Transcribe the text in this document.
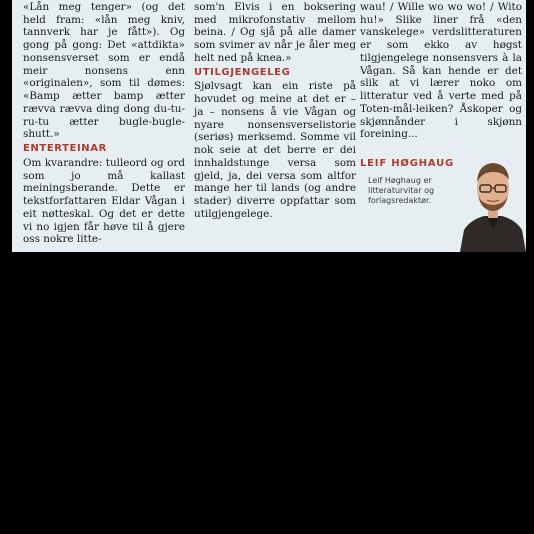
«Lån meg tenger» (og det held fram: «lån meg kniv, tannverk har je fått»). Og gong på gong: Det «attdikta» nonsensverset som er endå meir nonsens enn «originalen», som til dømes: «Bamp ætter bamp ætter rævva rævva ding dong du-tu-ru-tu ætter bugle-bugle-shutt.»

ENTERTEINAR

Om kvarandre: tulleord og ord som jo må kallast meiningsberande. Dette er tekstforfattaren Eldar Vågan i eit nøtteskal. Og det er dette vi no igjen får høve til å gjere oss nokre litte-

som'n Elvis i en boksering med mikrofonstativ mellom beina. / Og sjå på alle damer som svimer av når je åler meg helt ned på knea.»

UTILGJENGELEG

Sjølvsagt kan ein riste på hovudet og meine at det er – ja – nonsens å vie Vågan og nyare nonsensverselistorie (seriøs) merksemd. Somme vil nok seie at det berre er dei innhaldstunge versa som gjeld, ja, dei versa som altfor mange her til lands (og andre stader) diverre oppfattar som utilgjengelege.

wau! / Wille wo wo wo! / Wito hu!» Slike liner frå «den vanskelege» verdslitteraturen er som ekko av høgst tilgjengelege nonsensvers à la Vågan. Så kan hende er det slik at vi lærer noko om litteratur ved å verte med på Toten-mål-leiken? Åskoper og skjønnånder i skjønn foreining...

LEIF HØGHAUG
Leif Høghaug er litteraturvitar og forlagsredaktør.
